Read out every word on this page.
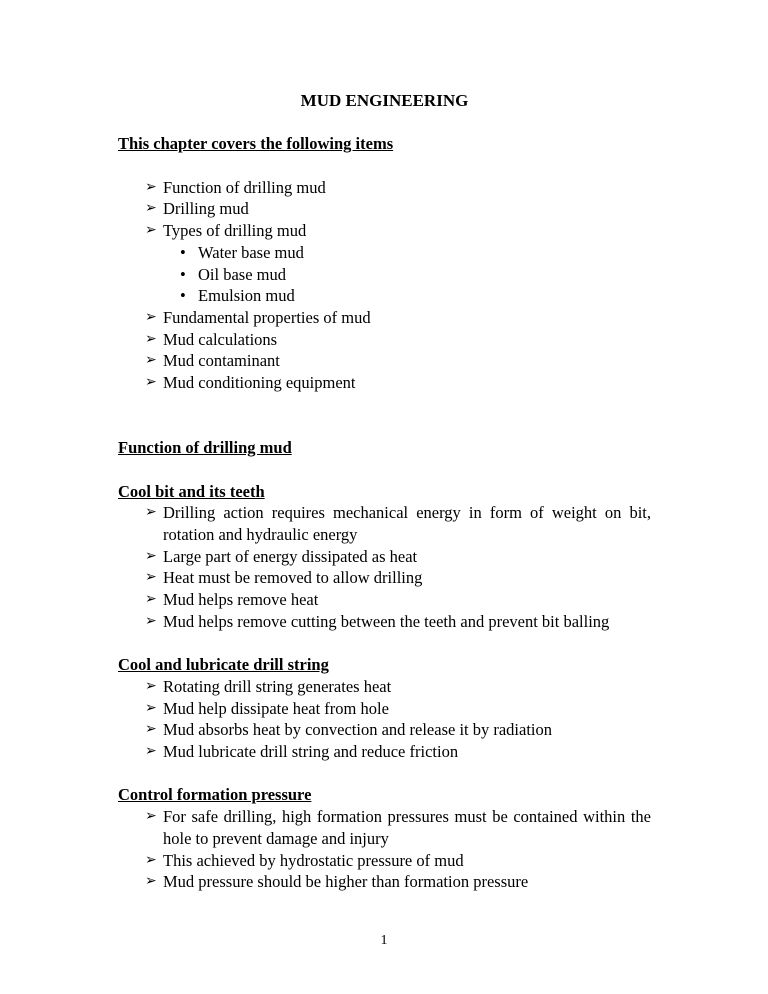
MUD ENGINEERING
This chapter covers the following items
➢ Function of drilling mud
➢ Drilling mud
➢ Types of drilling mud
• Water base mud
• Oil base mud
• Emulsion mud
➢ Fundamental properties of mud
➢ Mud calculations
➢ Mud contaminant
➢ Mud conditioning equipment
Function of drilling mud
Cool bit and its teeth
➢ Drilling action requires mechanical energy in form of weight on bit, rotation and hydraulic energy
➢ Large part of energy dissipated as heat
➢ Heat must be removed to allow drilling
➢ Mud helps remove heat
➢ Mud helps remove cutting between the teeth and prevent bit balling
Cool and lubricate drill string
➢ Rotating drill string generates heat
➢ Mud help dissipate heat from hole
➢ Mud absorbs heat by convection and release it by radiation
➢ Mud lubricate drill string and reduce friction
Control formation pressure
➢ For safe drilling, high formation pressures must be contained within the hole to prevent damage and injury
➢ This achieved by hydrostatic pressure of mud
➢ Mud pressure should be higher than formation pressure
1
